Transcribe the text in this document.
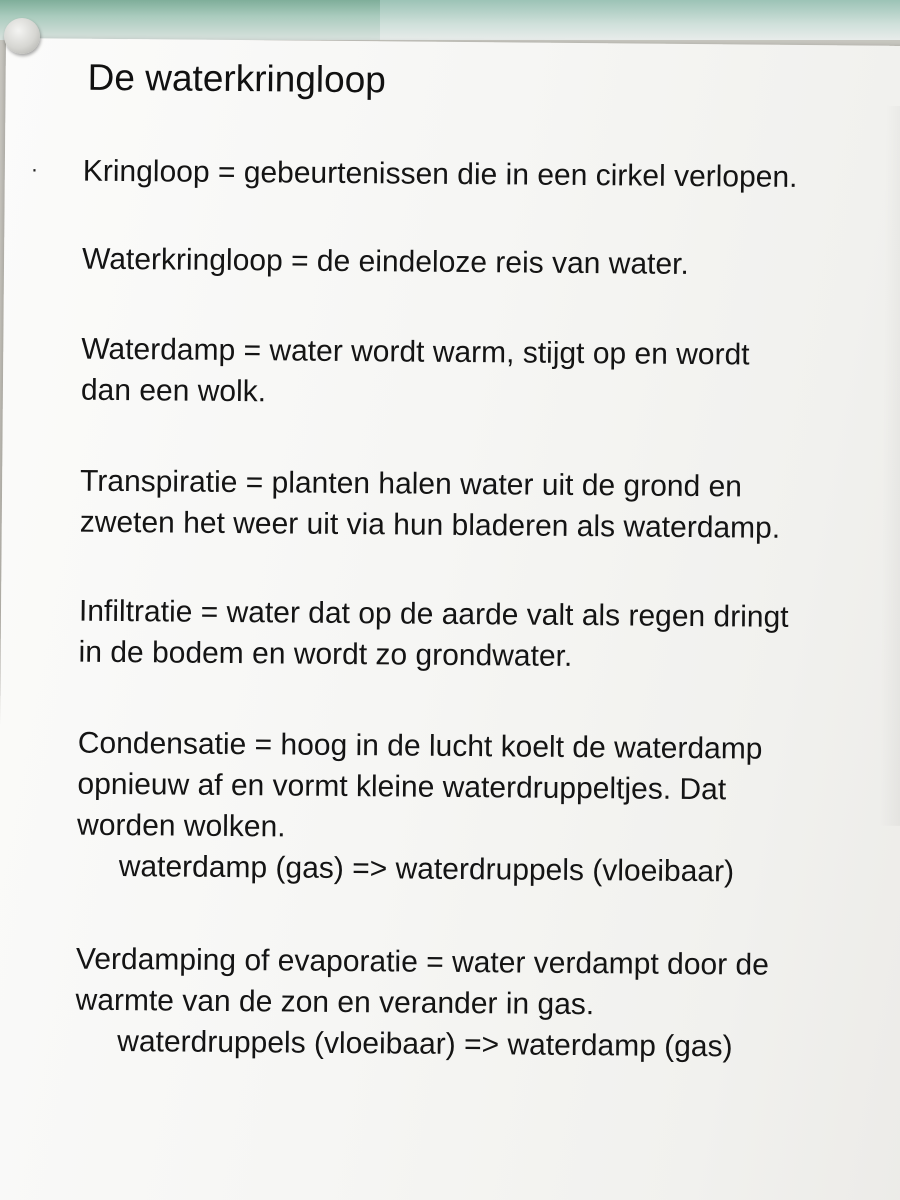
De waterkringloop
· Kringloop = gebeurtenissen die in een cirkel verlopen.
Waterkringloop = de eindeloze reis van water.
Waterdamp = water wordt warm, stijgt op en wordt
dan een wolk.
Transpiratie = planten halen water uit de grond en
zweten het weer uit via hun bladeren als waterdamp.
Infiltratie = water dat op de aarde valt als regen dringt
in de bodem en wordt zo grondwater.
Condensatie = hoog in de lucht koelt de waterdamp
opnieuw af en vormt kleine waterdruppeltjes. Dat
worden wolken.
waterdamp (gas) => waterdruppels (vloeibaar)
Verdamping of evaporatie = water verdampt door de
warmte van de zon en verander in gas.
waterdruppels (vloeibaar) => waterdamp (gas)
